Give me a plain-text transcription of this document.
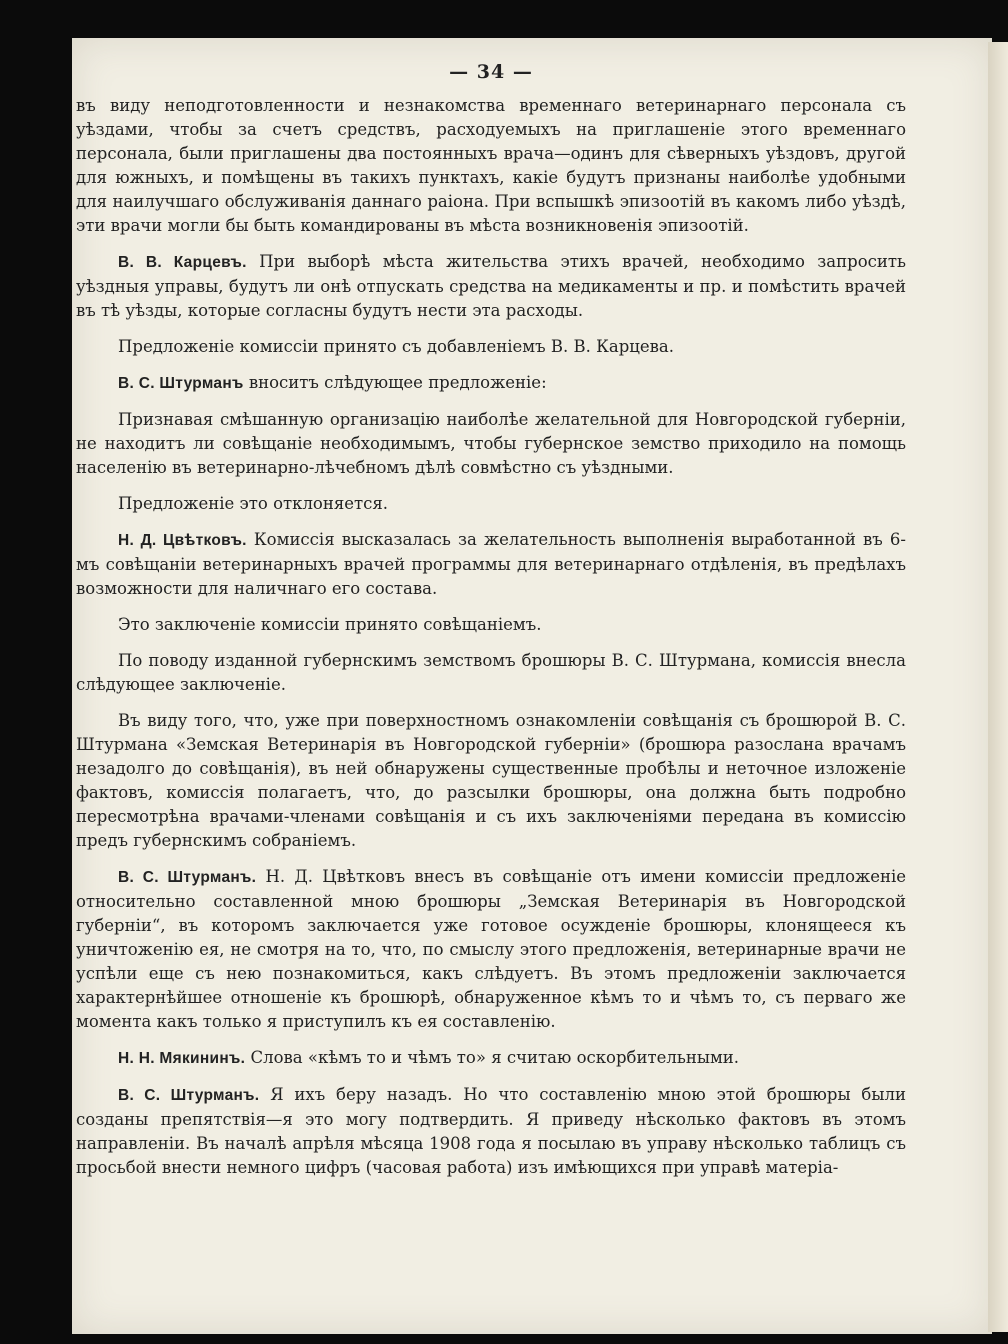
— 34 —

въ виду неподготовленности и незнакомства временнаго ветеринарнаго персонала съ уѣздами, чтобы за счетъ средствъ, расходуемыхъ на приглашеніе этого временнаго персонала, были приглашены два постоянныхъ врача—одинъ для сѣверныхъ уѣздовъ, другой для южныхъ, и помѣщены въ такихъ пунктахъ, какіе будутъ признаны наиболѣе удобными для наилучшаго обслуживанія даннаго раіона. При вспышкѣ эпизоотій въ какомъ либо уѣздѣ, эти врачи могли бы быть командированы въ мѣста возникновенія эпизоотій.

В. В. Карцевъ. При выборѣ мѣста жительства этихъ врачей, необходимо запросить уѣздныя управы, будутъ ли онѣ отпускать средства на медикаменты и пр. и помѣстить врачей въ тѣ уѣзды, которые согласны будутъ нести эта расходы.

Предложеніе комиссіи принято съ добавленіемъ В. В. Карцева.

В. С. Штурманъ вноситъ слѣдующее предложеніе:

Признавая смѣшанную организацію наиболѣе желательной для Новгородской губерніи, не находитъ ли совѣщаніе необходимымъ, чтобы губернское земство приходило на помощь населенію въ ветеринарно-лѣчебномъ дѣлѣ совмѣстно съ уѣздными.

Предложеніе это отклоняется.

Н. Д. Цвѣтковъ. Комиссія высказалась за желательность выполненія выработанной въ 6-мъ совѣщаніи ветеринарныхъ врачей программы для ветеринарнаго отдѣленія, въ предѣлахъ возможности для наличнаго его состава.

Это заключеніе комиссіи принято совѣщаніемъ.

По поводу изданной губернскимъ земствомъ брошюры В. С. Штурмана, комиссія внесла слѣдующее заключеніе.

Въ виду того, что, уже при поверхностномъ ознакомленіи совѣщанія съ брошюрой В. С. Штурмана «Земская Ветеринарія въ Новгородской губерніи» (брошюра разослана врачамъ незадолго до совѣщанія), въ ней обнаружены существенные пробѣлы и неточное изложеніе фактовъ, комиссія полагаетъ, что, до разсылки брошюры, она должна быть подробно пересмотрѣна врачами-членами совѣщанія и съ ихъ заключеніями передана въ комиссію предъ губернскимъ собраніемъ.

В. С. Штурманъ. Н. Д. Цвѣтковъ внесъ въ совѣщаніе отъ имени комиссіи предложеніе относительно составленной мною брошюры „Земская Ветеринарія въ Новгородской губерніи“, въ которомъ заключается уже готовое осужденіе брошюры, клонящееся къ уничтоженію ея, не смотря на то, что, по смыслу этого предложенія, ветеринарные врачи не успѣли еще съ нею познакомиться, какъ слѣдуетъ. Въ этомъ предложеніи заключается характернѣйшее отношеніе къ брошюрѣ, обнаруженное кѣмъ то и чѣмъ то, съ перваго же момента какъ только я приступилъ къ ея составленію.

Н. Н. Мякининъ. Слова «кѣмъ то и чѣмъ то» я считаю оскорбительными.

В. С. Штурманъ. Я ихъ беру назадъ. Но что составленію мною этой брошюры были созданы препятствія—я это могу подтвердить. Я приведу нѣсколько фактовъ въ этомъ направленіи. Въ началѣ апрѣля мѣсяца 1908 года я посылаю въ управу нѣсколько таблицъ съ просьбой внести немного цифръ (часовая работа) изъ имѣющихся при управѣ матеріа-
